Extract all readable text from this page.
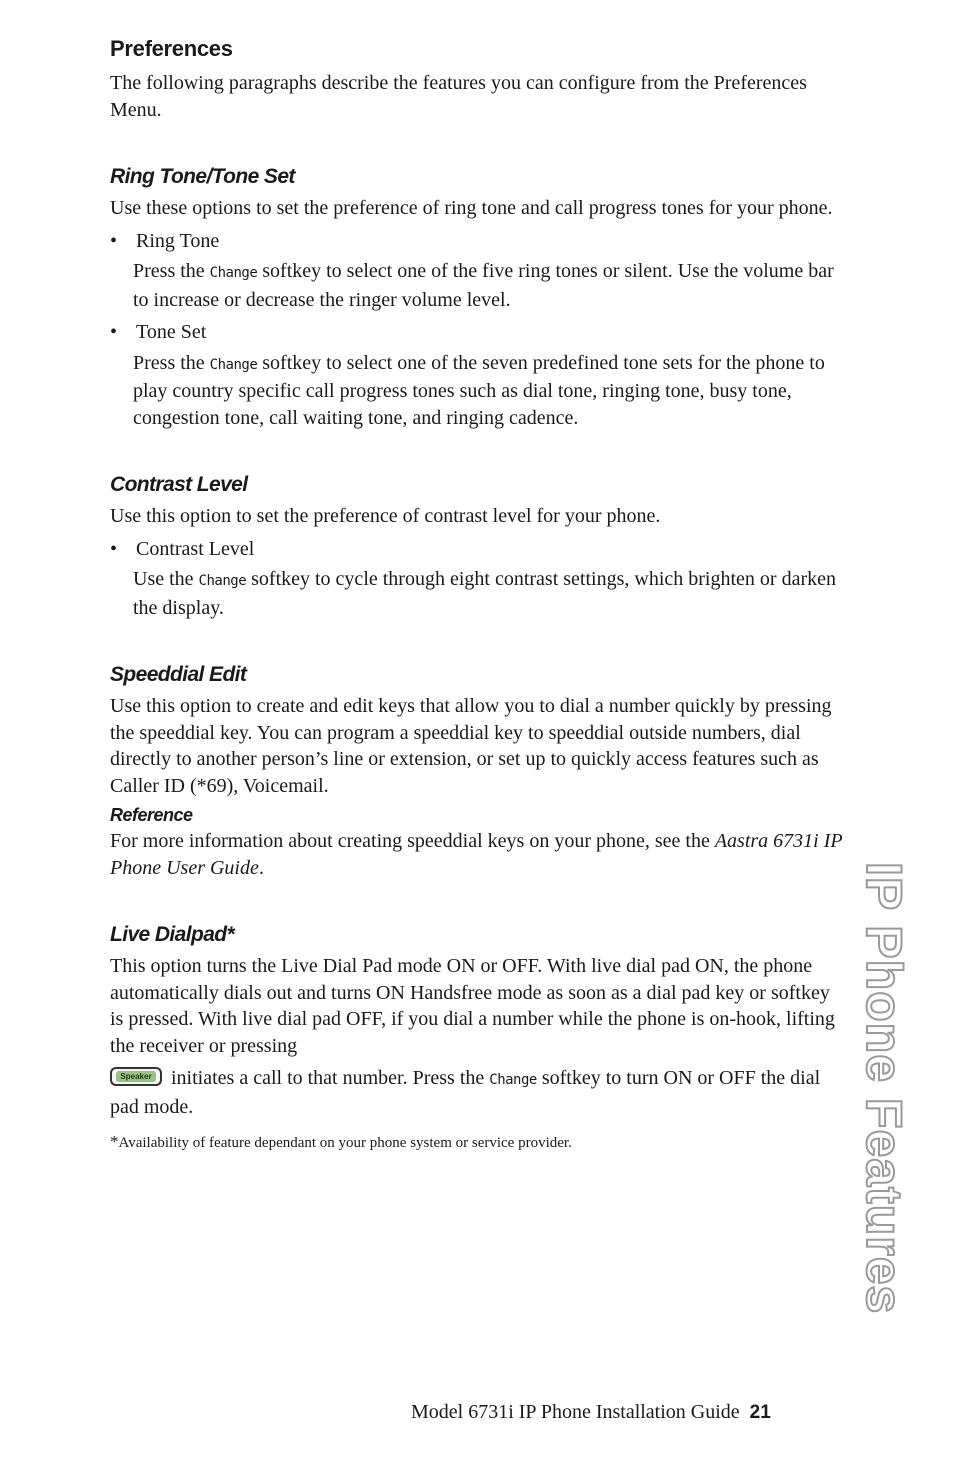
Preferences

The following paragraphs describe the features you can configure from the Preferences Menu.

Ring Tone/Tone Set

Use these options to set the preference of ring tone and call progress tones for your phone.

• Ring Tone

Press the Change softkey to select one of the five ring tones or silent. Use the volume bar to increase or decrease the ringer volume level.

• Tone Set

Press the Change softkey to select one of the seven predefined tone sets for the phone to play country specific call progress tones such as dial tone, ringing tone, busy tone, congestion tone, call waiting tone, and ringing cadence.

Contrast Level

Use this option to set the preference of contrast level for your phone.

• Contrast Level

Use the Change softkey to cycle through eight contrast settings, which brighten or darken the display.

Speeddial Edit

Use this option to create and edit keys that allow you to dial a number quickly by pressing the speeddial key. You can program a speeddial key to speeddial outside numbers, dial directly to another person’s line or extension, or set up to quickly access features such as Caller ID (*69), Voicemail.

Reference

For more information about creating speeddial keys on your phone, see the Aastra 6731i IP Phone User Guide.

Live Dialpad*

This option turns the Live Dial Pad mode ON or OFF. With live dial pad ON, the phone automatically dials out and turns ON Handsfree mode as soon as a dial pad key or softkey is pressed. With live dial pad OFF, if you dial a number while the phone is on-hook, lifting the receiver or pressing

Speaker initiates a call to that number. Press the Change softkey to turn ON or OFF the dial pad mode.

*Availability of feature dependant on your phone system or service provider.	IP Phone Features
Model 6731i IP Phone Installation Guide 21
